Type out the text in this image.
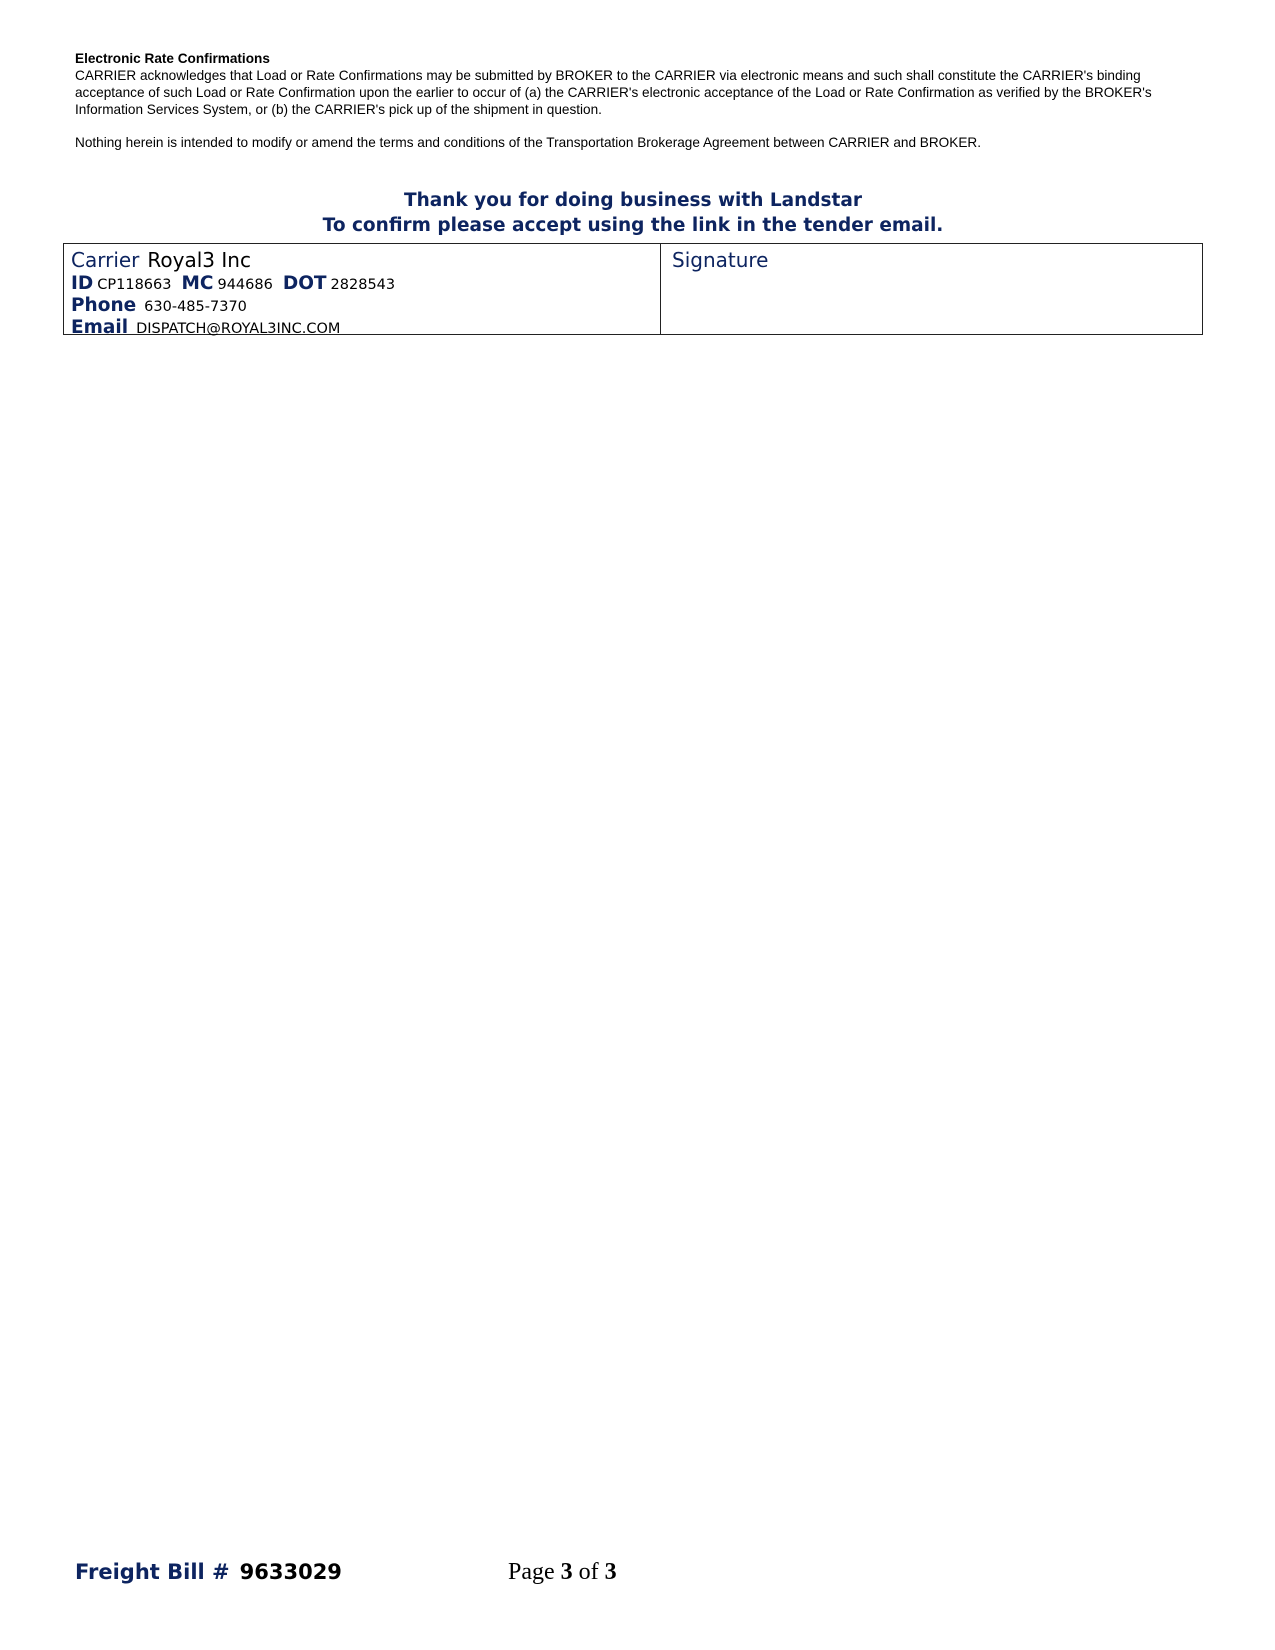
Electronic Rate Confirmations

CARRIER acknowledges that Load or Rate Confirmations may be submitted by BROKER to the CARRIER via electronic means and such shall constitute the CARRIER's binding acceptance of such Load or Rate Confirmation upon the earlier to occur of (a) the CARRIER's electronic acceptance of the Load or Rate Confirmation as verified by the BROKER's Information Services System, or (b) the CARRIER's pick up of the shipment in question.

Nothing herein is intended to modify or amend the terms and conditions of the Transportation Brokerage Agreement between CARRIER and BROKER.

Thank you for doing business with Landstar
To confirm please accept using the link in the tender email.
Carrier Royal3 Inc
ID CP118663 MC 944686 DOT 2828543
Phone 630-485-7370
Email DISPATCH@ROYAL3INC.COM
Signature
Freight Bill # 9633029	Page 3 of 3
